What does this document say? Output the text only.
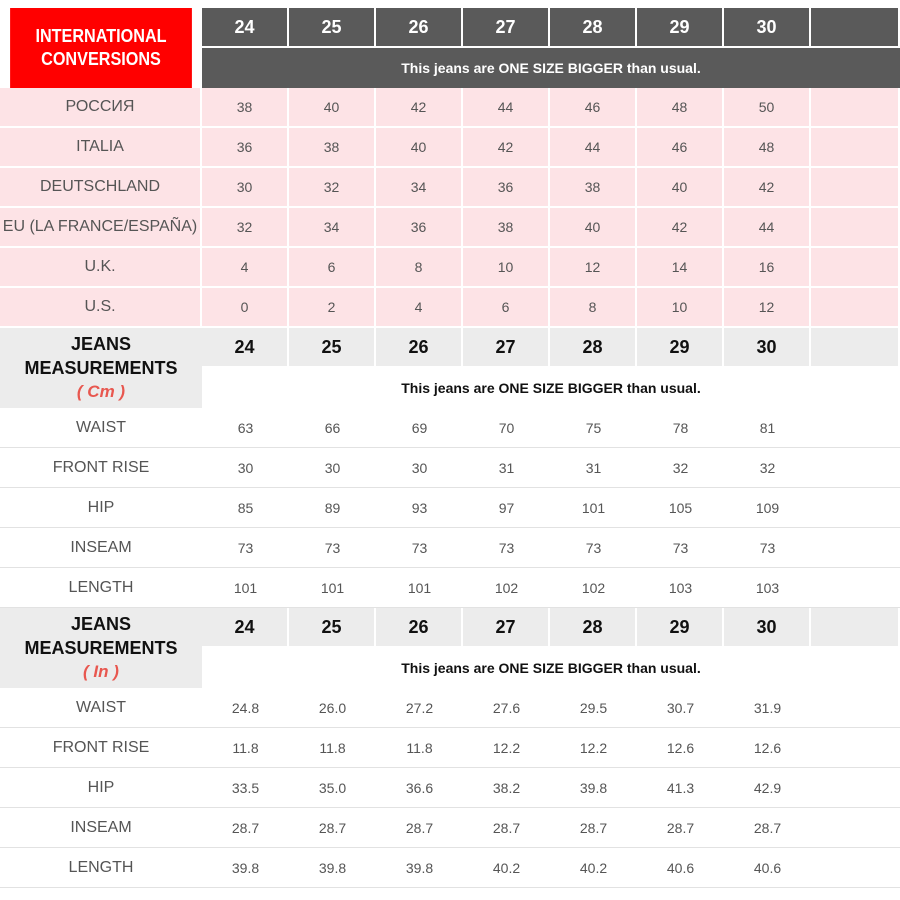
INTERNATIONAL
CONVERSIONS
24	25	26	27	28	29	30
This jeans are ONE SIZE BIGGER than usual.
РОССИЯ	38	40	42	44	46	48	50
ITALIA	36	38	40	42	44	46	48
DEUTSCHLAND	30	32	34	36	38	40	42
EU (LA FRANCE/ESPAÑA)	32	34	36	38	40	42	44
U.K.	4	6	8	10	12	14	16
U.S.	0	2	4	6	8	10	12
JEANS
MEASUREMENTS
( Cm )
24	25	26	27	28	29	30
This jeans are ONE SIZE BIGGER than usual.
WAIST	63	66	69	70	75	78	81
FRONT RISE	30	30	30	31	31	32	32
HIP	85	89	93	97	101	105	109
INSEAM	73	73	73	73	73	73	73
LENGTH	101	101	101	102	102	103	103
JEANS
MEASUREMENTS
( In )
24	25	26	27	28	29	30
This jeans are ONE SIZE BIGGER than usual.
WAIST	24.8	26.0	27.2	27.6	29.5	30.7	31.9
FRONT RISE	11.8	11.8	11.8	12.2	12.2	12.6	12.6
HIP	33.5	35.0	36.6	38.2	39.8	41.3	42.9
INSEAM	28.7	28.7	28.7	28.7	28.7	28.7	28.7
LENGTH	39.8	39.8	39.8	40.2	40.2	40.6	40.6
